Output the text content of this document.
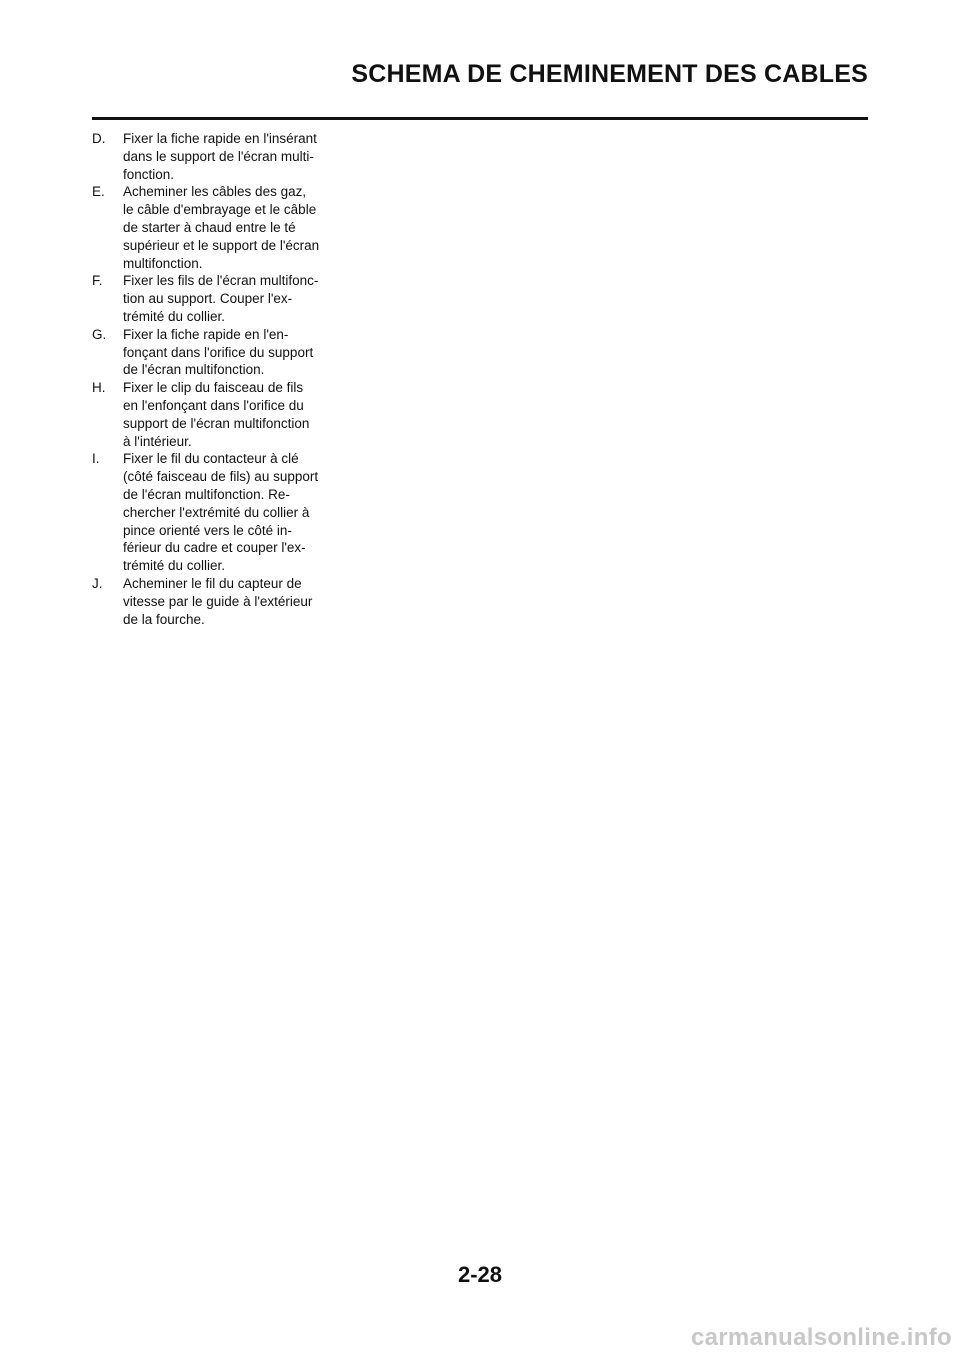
SCHEMA DE CHEMINEMENT DES CABLES
D. Fixer la fiche rapide en l'insérant
dans le support de l'écran multi-
fonction.
E. Acheminer les câbles des gaz,
le câble d'embrayage et le câble
de starter à chaud entre le té
supérieur et le support de l'écran
multifonction.
F. Fixer les fils de l'écran multifonc-
tion au support. Couper l'ex-
trémité du collier.
G. Fixer la fiche rapide en l'en-
fonçant dans l'orifice du support
de l'écran multifonction.
H. Fixer le clip du faisceau de fils
en l'enfonçant dans l'orifice du
support de l'écran multifonction
à l'intérieur.
I. Fixer le fil du contacteur à clé
(côté faisceau de fils) au support
de l'écran multifonction. Re-
chercher l'extrémité du collier à
pince orienté vers le côté in-
férieur du cadre et couper l'ex-
trémité du collier.
J. Acheminer le fil du capteur de
vitesse par le guide à l'extérieur
de la fourche.
2-28
carmanualsonline.info
